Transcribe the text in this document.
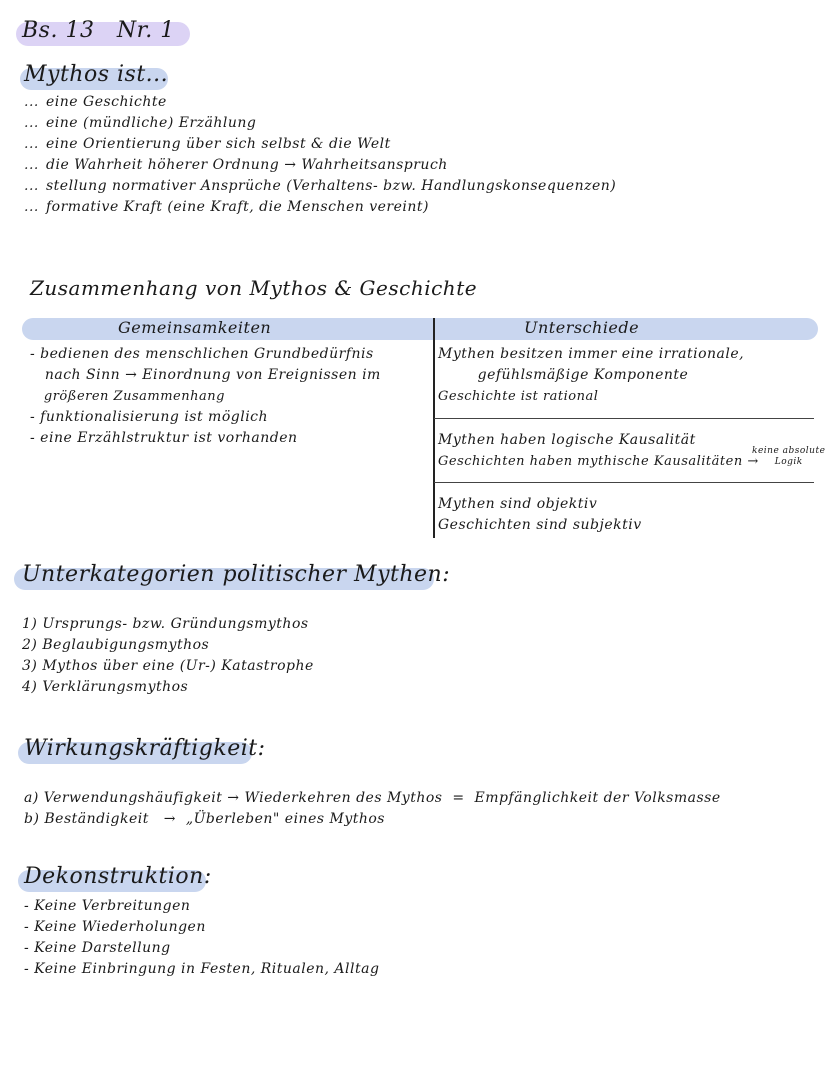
Bs. 13   Nr. 1
Mythos ist...
... eine Geschichte
... eine (mündliche) Erzählung
... eine Orientierung über sich selbst & die Welt
... die Wahrheit höherer Ordnung → Wahrheitsanspruch
... stellung normativer Ansprüche (Verhaltens- bzw. Handlungskonsequenzen)
... formative Kraft (eine Kraft, die Menschen vereint)
Zusammenhang von Mythos & Geschichte
Gemeinsamkeiten	Unterschiede
- bedienen des menschlichen Grundbedürfnis
nach Sinn → Einordnung von Ereignissen im
größeren Zusammenhang
- funktionalisierung ist möglich
- eine Erzählstruktur ist vorhanden
Mythen besitzen immer eine irrationale,
gefühlsmäßige Komponente
Geschichte ist rational
Mythen haben logische Kausalität
Geschichten haben mythische Kausalitäten →
keine absolute
Logik
Mythen sind objektiv
Geschichten sind subjektiv
Unterkategorien politischer Mythen:
1) Ursprungs- bzw. Gründungsmythos
2) Beglaubigungsmythos
3) Mythos über eine (Ur-) Katastrophe
4) Verklärungsmythos
Wirkungskräftigkeit:
a) Verwendungshäufigkeit → Wiederkehren des Mythos  =  Empfänglichkeit der Volksmasse
b) Beständigkeit   →  „Überleben" eines Mythos
Dekonstruktion:
- Keine Verbreitungen
- Keine Wiederholungen
- Keine Darstellung
- Keine Einbringung in Festen, Ritualen, Alltag
